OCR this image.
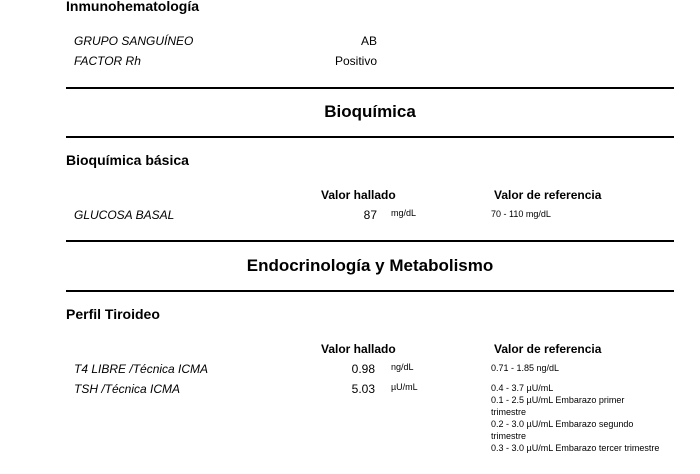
Inmunohematología
GRUPO SANGUÍNEO	AB
FACTOR Rh	Positivo
Bioquímica
Bioquímica básica
Valor hallado	Valor de referencia
GLUCOSA BASAL	87 mg/dL	70 - 110 mg/dL
Endocrinología y Metabolismo
Perfil Tiroideo
Valor hallado	Valor de referencia
T4 LIBRE /Técnica ICMA	0.98 ng/dL	0.71 - 1.85 ng/dL
TSH /Técnica ICMA	5.03 µU/mL	0.4 - 3.7 µU/mL
0.1 - 2.5 µU/mL Embarazo primer trimestre
0.2 - 3.0 µU/mL Embarazo segundo trimestre
0.3 - 3.0 µU/mL Embarazo tercer trimestre
